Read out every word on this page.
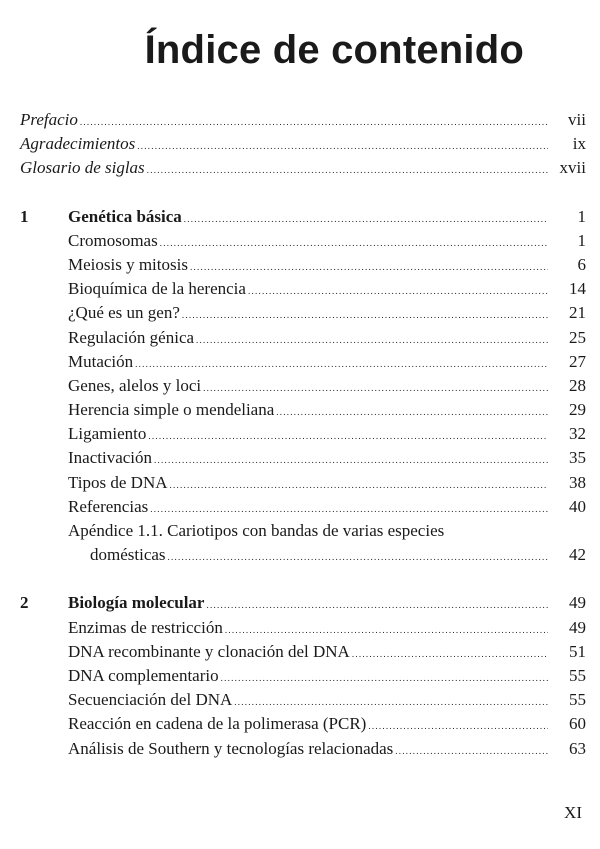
Índice de contenido
Prefacio . . .	vii
Agradecimientos . . .	ix
Glosario de siglas . . .	xvii
1	Genética básica . . .	1
Cromosomas . . .	1
Meiosis y mitosis . . .	6
Bioquímica de la herencia . . .	14
¿Qué es un gen? . . .	21
Regulación génica . . .	25
Mutación . . .	27
Genes, alelos y loci . . .	28
Herencia simple o mendeliana . . .	29
Ligamiento . . .	32
Inactivación . . .	35
Tipos de DNA . . .	38
Referencias . . .	40
Apéndice 1.1. Cariotipos con bandas de varias especies
domésticas . . .	42
2	Biología molecular . . .	49
Enzimas de restricción . . .	49
DNA recombinante y clonación del DNA . . .	51
DNA complementario . . .	55
Secuenciación del DNA . . .	55
Reacción en cadena de la polimerasa (PCR) . . .	60
Análisis de Southern y tecnologías relacionadas . . .	63
XI
